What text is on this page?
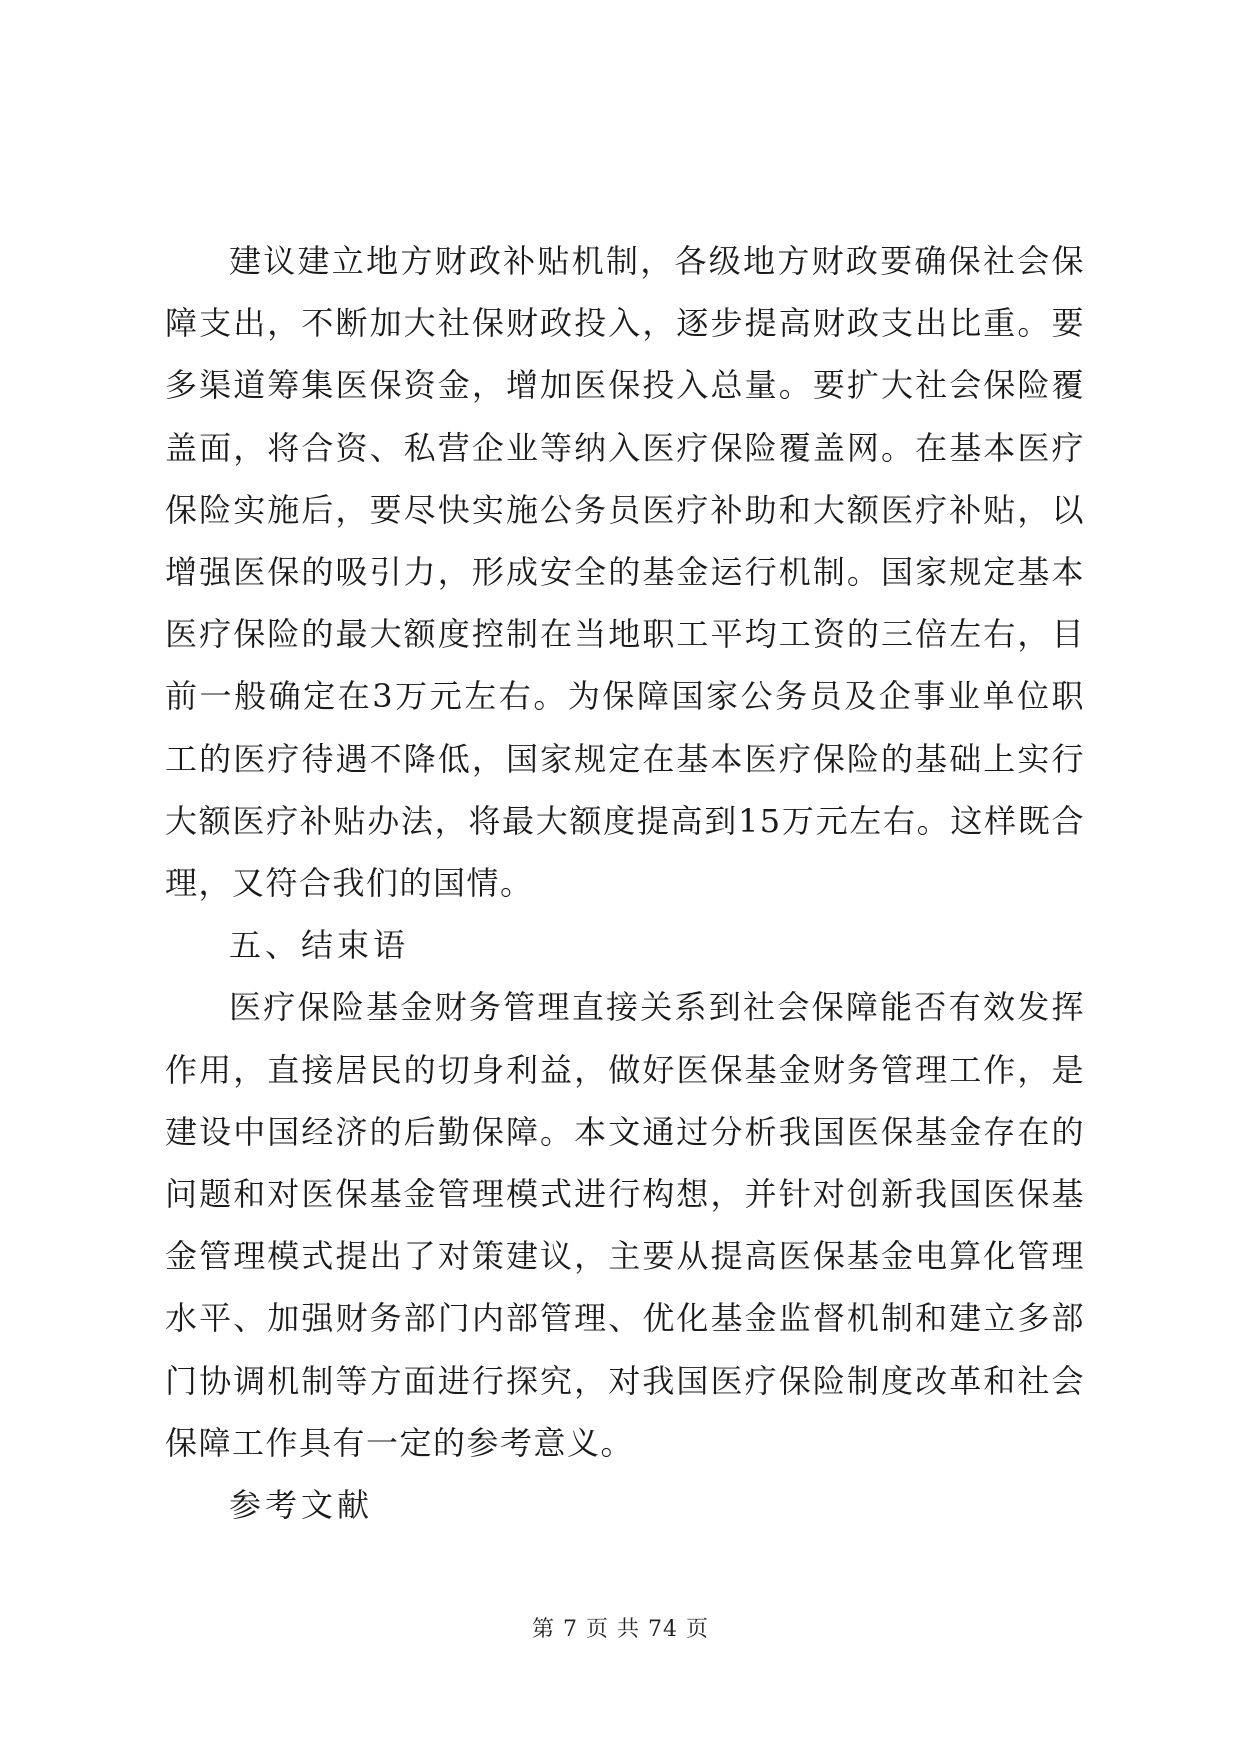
建议建立地方财政补贴机制，各级地方财政要确保社会保障支出，不断加大社保财政投入，逐步提高财政支出比重。要多渠道筹集医保资金，增加医保投入总量。要扩大社会保险覆盖面，将合资、私营企业等纳入医疗保险覆盖网。在基本医疗保险实施后，要尽快实施公务员医疗补助和大额医疗补贴，以增强医保的吸引力，形成安全的基金运行机制。国家规定基本医疗保险的最大额度控制在当地职工平均工资的三倍左右，目前一般确定在3万元左右。为保障国家公务员及企事业单位职工的医疗待遇不降低，国家规定在基本医疗保险的基础上实行大额医疗补贴办法，将最大额度提高到15万元左右。这样既合理，又符合我们的国情。

五、结束语

医疗保险基金财务管理直接关系到社会保障能否有效发挥作用，直接居民的切身利益，做好医保基金财务管理工作，是建设中国经济的后勤保障。本文通过分析我国医保基金存在的问题和对医保基金管理模式进行构想，并针对创新我国医保基金管理模式提出了对策建议，主要从提高医保基金电算化管理水平、加强财务部门内部管理、优化基金监督机制和建立多部门协调机制等方面进行探究，对我国医疗保险制度改革和社会保障工作具有一定的参考意义。

参考文献

第 7 页 共 74 页
